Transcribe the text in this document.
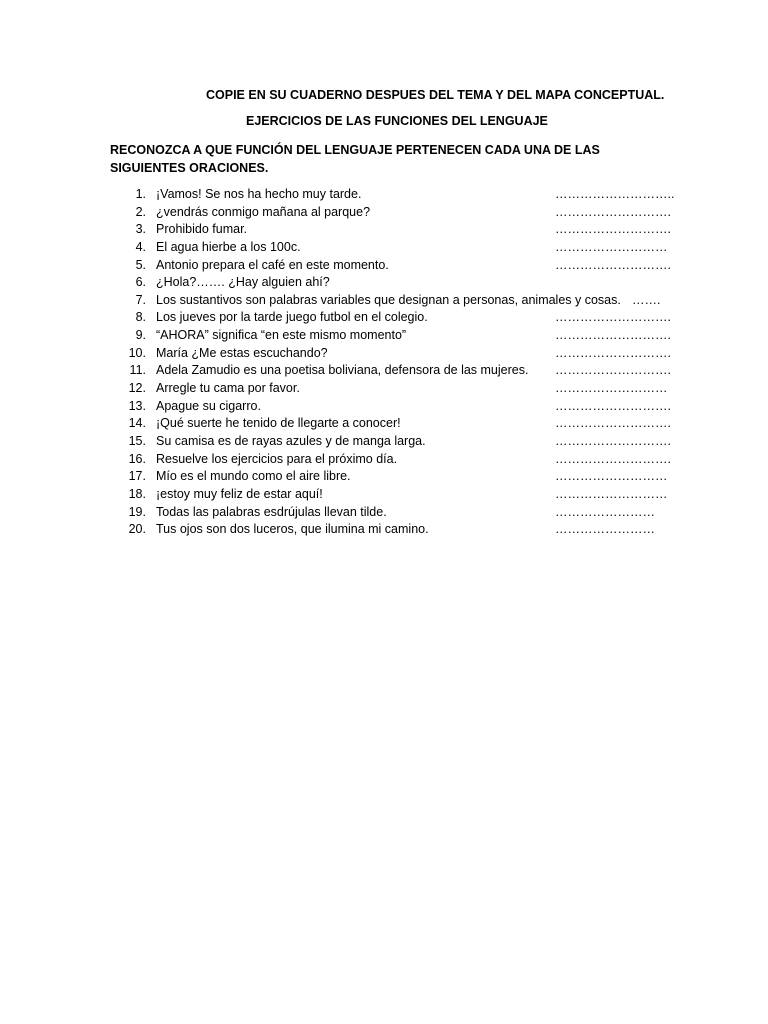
COPIE EN SU CUADERNO DESPUES DEL TEMA Y DEL MAPA CONCEPTUAL.
EJERCICIOS DE LAS FUNCIONES DEL LENGUAJE
RECONOZCA A QUE FUNCIÓN DEL LENGUAJE PERTENECEN CADA UNA DE LAS SIGUIENTES ORACIONES.
1. ¡Vamos! Se nos ha hecho muy tarde.	………………………..
2. ¿vendrás conmigo mañana al parque?	……………………….
3. Prohibido fumar.	……………………….
4. El agua hierbe a los 100c.	………………………
5. Antonio prepara el café en este momento.	……………………….
6. ¿Hola?……. ¿Hay alguien ahí?
7. Los sustantivos son palabras variables que designan a personas, animales y cosas. …….
8. Los jueves por la tarde juego futbol en el colegio.	……………………….
9. “AHORA” significa “en este mismo momento”	……………………….
10. María ¿Me estas escuchando?	……………………….
11. Adela Zamudio es una poetisa boliviana, defensora de las mujeres. ……………………….
12. Arregle tu cama por favor.	………………………
13. Apague su cigarro.	……………………….
14. ¡Qué suerte he tenido de llegarte a conocer!	……………………….
15. Su camisa es de rayas azules y de manga larga.	……………………….
16. Resuelve los ejercicios para el próximo día.	……………………….
17. Mío es el mundo como el aire libre.	………………………
18. ¡estoy muy feliz de estar aquí!	………………………
19. Todas las palabras esdrújulas llevan tilde.	……………………
20. Tus ojos son dos luceros, que ilumina mi camino.	……………………
